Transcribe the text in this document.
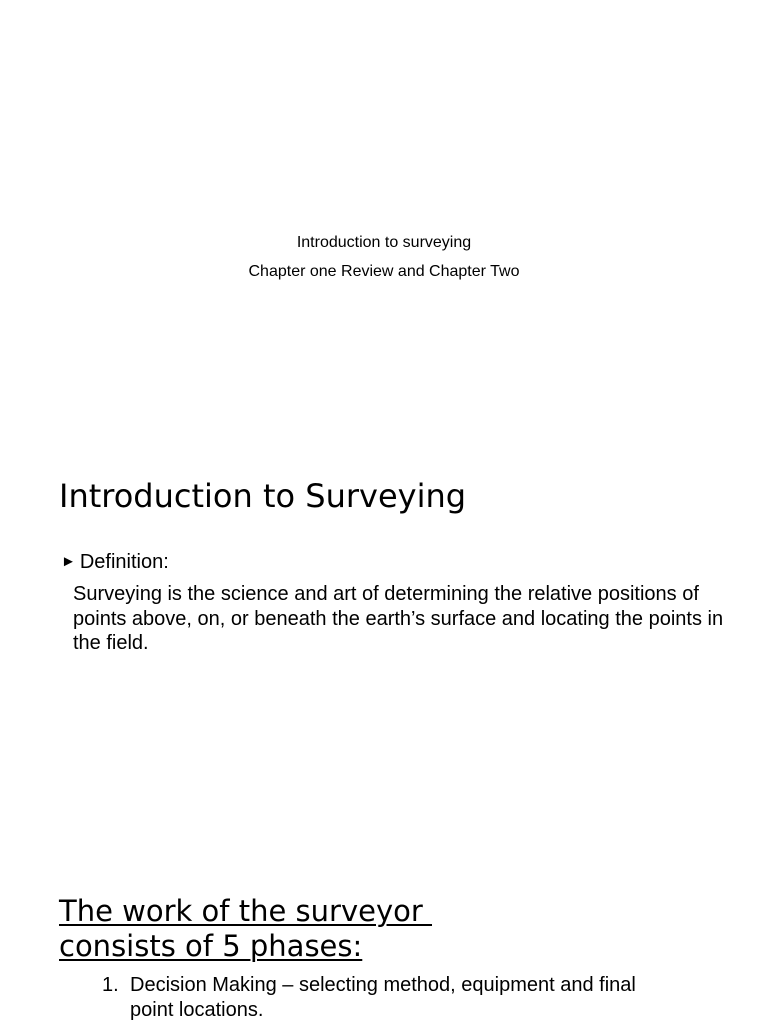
Introduction to surveying
Chapter one Review and Chapter Two
Introduction to Surveying
► Definition:

Surveying is the science and art of determining the relative positions of points above, on, or beneath the earth’s surface and locating the points in the field.

The work of the surveyor
consists of 5 phases:
1. Decision Making – selecting method, equipment and final point locations.
